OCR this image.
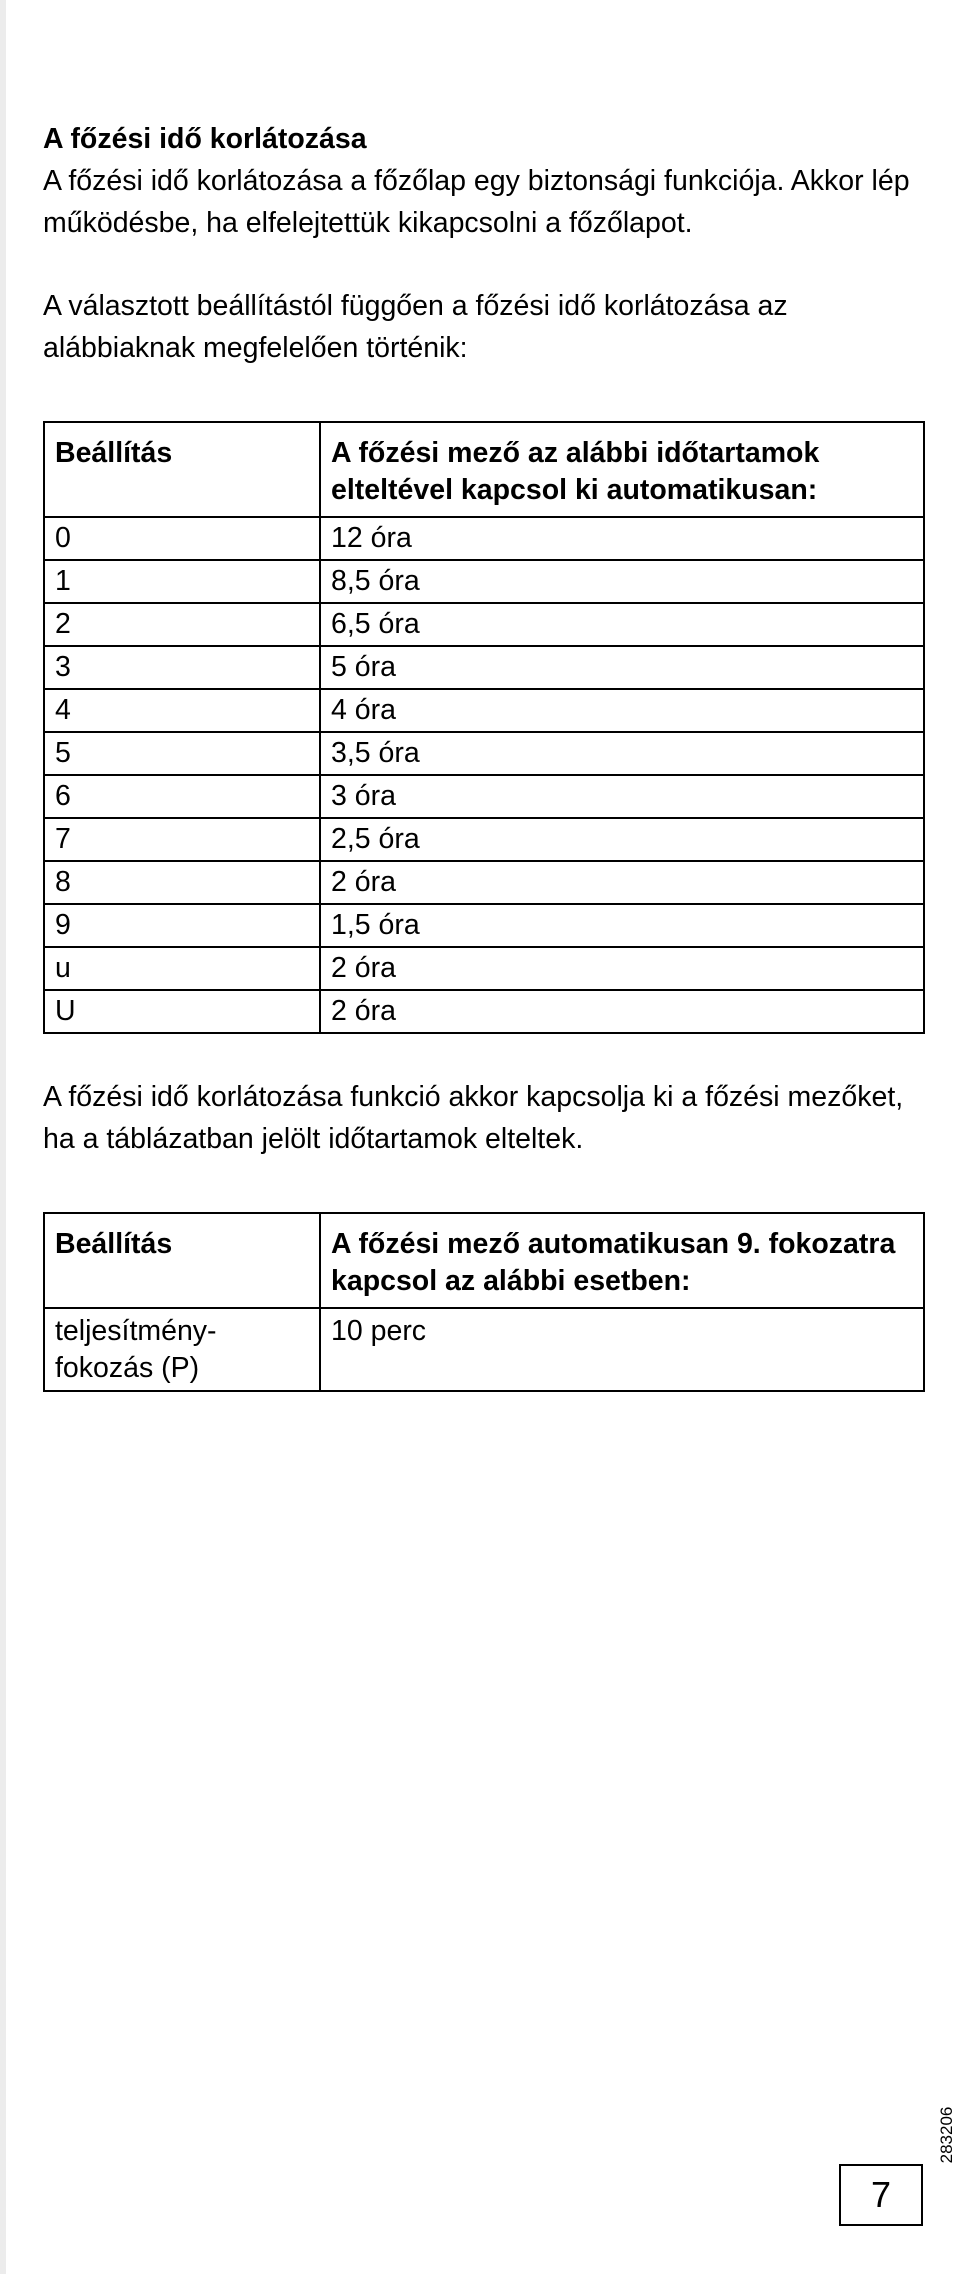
A főzési idő korlátozása

A főzési idő korlátozása a főzőlap egy biztonsági funkciója. Akkor lép működésbe, ha elfelejtettük kikapcsolni a főzőlapot.

A választott beállítástól függően a főzési idő korlátozása az alábbiaknak megfelelően történik:

Beállítás	A főzési mező az alábbi időtartamok elteltével kapcsol ki automatikusan:
0	12 óra
1	8,5 óra
2	6,5 óra
3	5 óra
4	4 óra
5	3,5 óra
6	3 óra
7	2,5 óra
8	2 óra
9	1,5 óra
u	2 óra
U	2 óra

A főzési idő korlátozása funkció akkor kapcsolja ki a főzési mezőket, ha a táblázatban jelölt időtartamok elteltek.

Beállítás	A főzési mező automatikusan 9. fokozatra kapcsol az alábbi esetben:
teljesítmény-fokozás (P)	10 perc
283206
7
